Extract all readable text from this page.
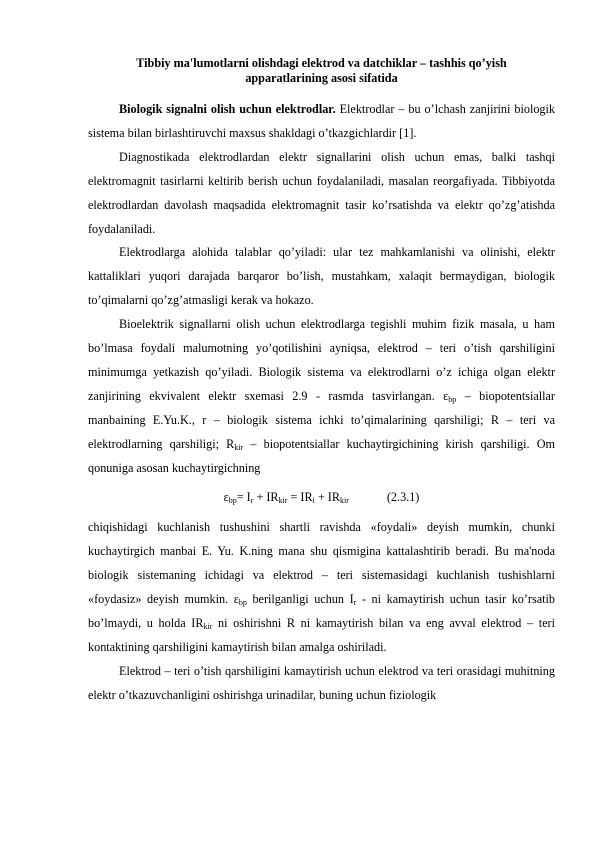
Tibbiy ma'lumotlarni olishdagi elektrod va datchiklar – tashhis qo’yish
apparatlarining asosi sifatida

Biologik signalni olish uchun elektrodlar. Elektrodlar – bu o’lchash zanjirini biologik sistema bilan birlashtiruvchi maxsus shakldagi o’tkazgichlardir [1].

Diagnostikada elektrodlardan elektr signallarini olish uchun emas, balki tashqi elektromagnit tasirlarni keltirib berish uchun foydalaniladi, masalan reorgafiyada. Tibbiyotda elektrodlardan davolash maqsadida elektromagnit tasir ko’rsatishda va elektr qo’zg’atishda foydalaniladi.

Elektrodlarga alohida talablar qo’yiladi: ular tez mahkamlanishi va olinishi, elektr kattaliklari yuqori darajada barqaror bo’lish, mustahkam, xalaqit bermaydigan, biologik to’qimalarni qo’zg’atmasligi kerak va hokazo.

Bioelektrik signallarni olish uchun elektrodlarga tegishli muhim fizik masala, u ham bo’lmasa foydali malumotning yo’qotilishini ayniqsa, elektrod – teri o’tish qarshiligini minimumga yetkazish qo’yiladi. Biologik sistema va elektrodlarni o’z ichiga olgan elektr zanjirining ekvivalent elektr sxemasi 2.9 - rasmda tasvirlangan. $\varepsilon_{bp}$ – biopotentsiallar manbaining E.Yu.K., r – biologik sistema ichki to’qimalarining qarshiligi; R – teri va elektrodlarning qarshiligi; $R_{kir}$ – biopotentsiallar kuchaytirgichining kirish qarshiligi. Om qonuniga asosan kuchaytirgichning

$\varepsilon_{bp}= I_r + IR_{kir} = IR_i + IR_{kir}$	(2.3.1)

chiqishidagi kuchlanish tushushini shartli ravishda «foydali» deyish mumkin, chunki kuchaytirgich manbai E. Yu. K.ning mana shu qismigina kattalashtirib beradi. Bu ma'noda biologik sistemaning ichidagi va elektrod – teri sistemasidagi kuchlanish tushishlarni «foydasiz» deyish mumkin. $\varepsilon_{bp}$ berilganligi uchun $I_r$ - ni kamaytirish uchun tasir ko’rsatib bo’lmaydi, u holda $IR_{kir}$ ni oshirishni R ni kamaytirish bilan va eng avval elektrod – teri kontaktining qarshiligini kamaytirish bilan amalga oshiriladi.

Elektrod – teri o’tish qarshiligini kamaytirish uchun elektrod va teri orasidagi muhitning elektr o’tkazuvchanligini oshirishga urinadilar, buning uchun fiziologik
